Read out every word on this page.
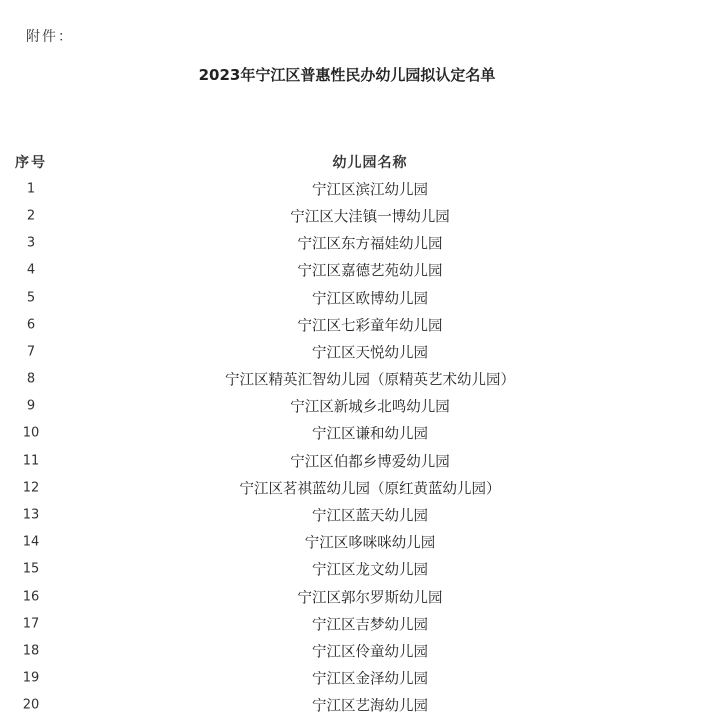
附件：
2023年宁江区普惠性民办幼儿园拟认定名单
序号	幼儿园名称
1	宁江区滨江幼儿园
2	宁江区大洼镇一博幼儿园
3	宁江区东方福娃幼儿园
4	宁江区嘉德艺苑幼儿园
5	宁江区欧博幼儿园
6	宁江区七彩童年幼儿园
7	宁江区天悦幼儿园
8	宁江区精英汇智幼儿园（原精英艺术幼儿园）
9	宁江区新城乡北鸣幼儿园
10	宁江区谦和幼儿园
11	宁江区伯都乡博爱幼儿园
12	宁江区茗祺蓝幼儿园（原红黄蓝幼儿园）
13	宁江区蓝天幼儿园
14	宁江区哆咪咪幼儿园
15	宁江区龙文幼儿园
16	宁江区郭尔罗斯幼儿园
17	宁江区吉梦幼儿园
18	宁江区伶童幼儿园
19	宁江区金泽幼儿园
20	宁江区艺海幼儿园
